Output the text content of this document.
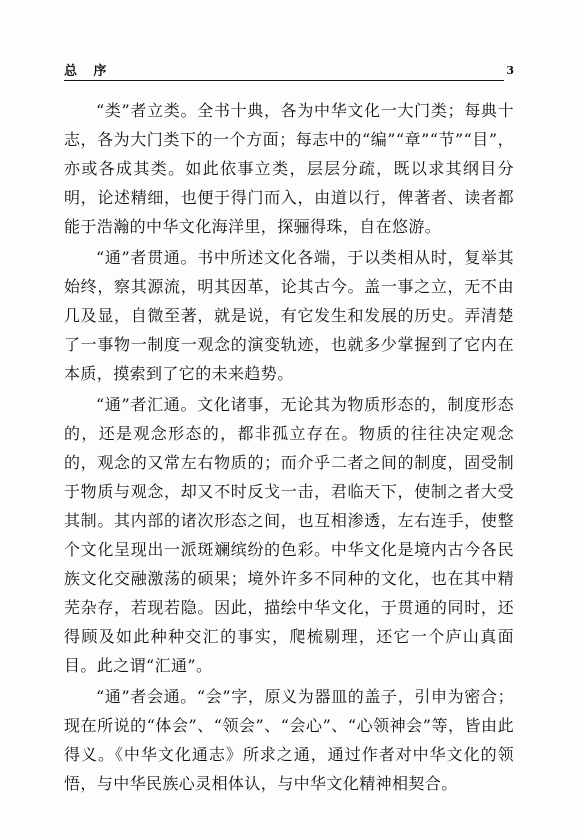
总 序	3

“类”者立类。全书十典，各为中华文化一大门类；每典十志，各为大门类下的一个方面；每志中的“编”“章”“节”“目”，亦或各成其类。如此依事立类，层层分疏，既以求其纲目分明，论述精细，也便于得门而入，由道以行，俾著者、读者都能于浩瀚的中华文化海洋里，探骊得珠，自在悠游。

“通”者贯通。书中所述文化各端，于以类相从时，复举其始终，察其源流，明其因革，论其古今。盖一事之立，无不由几及显，自微至著，就是说，有它发生和发展的历史。弄清楚了一事物一制度一观念的演变轨迹，也就多少掌握到了它内在本质，摸索到了它的未来趋势。

“通”者汇通。文化诸事，无论其为物质形态的，制度形态的，还是观念形态的，都非孤立存在。物质的往往决定观念的，观念的又常左右物质的；而介乎二者之间的制度，固受制于物质与观念，却又不时反戈一击，君临天下，使制之者大受其制。其内部的诸次形态之间，也互相渗透，左右连手，使整个文化呈现出一派斑斓缤纷的色彩。中华文化是境内古今各民族文化交融激荡的硕果；境外许多不同种的文化，也在其中精芜杂存，若现若隐。因此，描绘中华文化，于贯通的同时，还得顾及如此种种交汇的事实，爬梳剔理，还它一个庐山真面目。此之谓“汇通”。

“通”者会通。“会”字，原义为器皿的盖子，引申为密合；现在所说的“体会”、“领会”、“会心”、“心领神会”等，皆由此得义。《中华文化通志》所求之通，通过作者对中华文化的领悟，与中华民族心灵相体认，与中华文化精神相契合。
